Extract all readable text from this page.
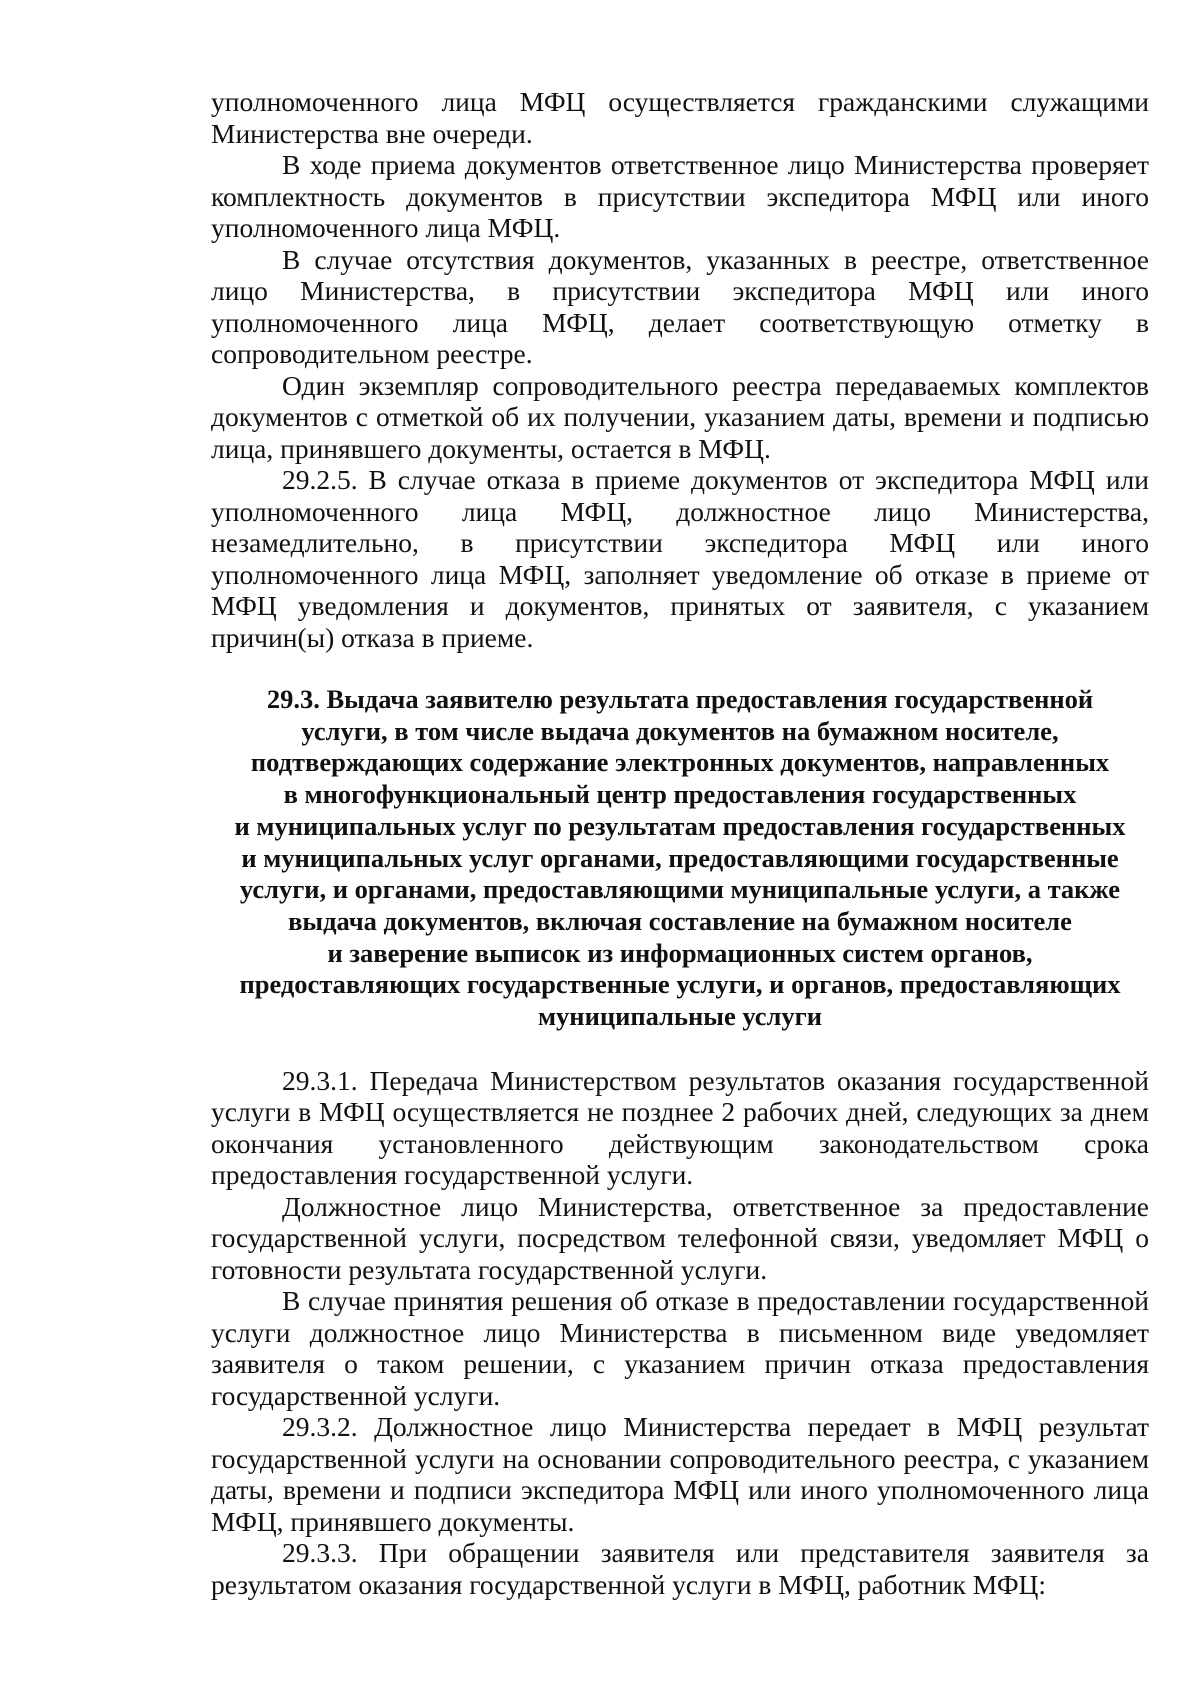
уполномоченного лица МФЦ осуществляется гражданскими служащими Министерства вне очереди.

В ходе приема документов ответственное лицо Министерства проверяет комплектность документов в присутствии экспедитора МФЦ или иного уполномоченного лица МФЦ.

В случае отсутствия документов, указанных в реестре, ответственное лицо Министерства, в присутствии экспедитора МФЦ или иного уполномоченного лица МФЦ, делает соответствующую отметку в сопроводительном реестре.

Один экземпляр сопроводительного реестра передаваемых комплектов документов с отметкой об их получении, указанием даты, времени и подписью лица, принявшего документы, остается в МФЦ.

29.2.5. В случае отказа в приеме документов от экспедитора МФЦ или уполномоченного лица МФЦ, должностное лицо Министерства, незамедлительно, в присутствии экспедитора МФЦ или иного уполномоченного лица МФЦ, заполняет уведомление об отказе в приеме от МФЦ уведомления и документов, принятых от заявителя, с указанием причин(ы) отказа в приеме.

29.3. Выдача заявителю результата предоставления государственной
услуги, в том числе выдача документов на бумажном носителе,
подтверждающих содержание электронных документов, направленных
в многофункциональный центр предоставления государственных
и муниципальных услуг по результатам предоставления государственных
и муниципальных услуг органами, предоставляющими государственные
услуги, и органами, предоставляющими муниципальные услуги, а также
выдача документов, включая составление на бумажном носителе
и заверение выписок из информационных систем органов,
предоставляющих государственные услуги, и органов, предоставляющих
муниципальные услуги

29.3.1. Передача Министерством результатов оказания государственной услуги в МФЦ осуществляется не позднее 2 рабочих дней, следующих за днем окончания установленного действующим законодательством срока предоставления государственной услуги.

Должностное лицо Министерства, ответственное за предоставление государственной услуги, посредством телефонной связи, уведомляет МФЦ о готовности результата государственной услуги.

В случае принятия решения об отказе в предоставлении государственной услуги должностное лицо Министерства в письменном виде уведомляет заявителя о таком решении, с указанием причин отказа предоставления государственной услуги.

29.3.2. Должностное лицо Министерства передает в МФЦ результат государственной услуги на основании сопроводительного реестра, с указанием даты, времени и подписи экспедитора МФЦ или иного уполномоченного лица МФЦ, принявшего документы.

29.3.3. При обращении заявителя или представителя заявителя за результатом оказания государственной услуги в МФЦ, работник МФЦ:
